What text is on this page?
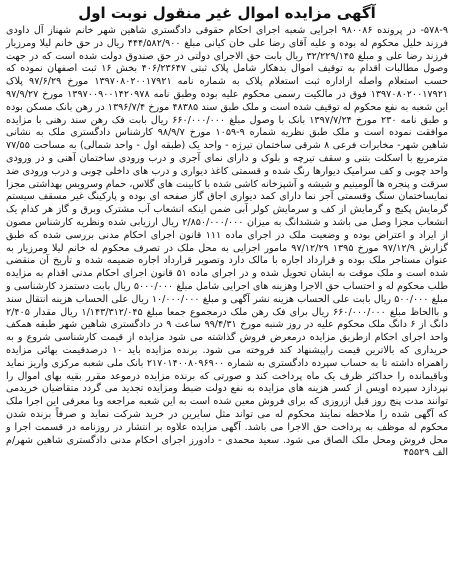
آگهی مزایده اموال غیر منقول نوبت اول

۵۷۸-۹- در پرونده ۹۸۰۰۸۶ اجرایی شعبه اجرای احکام حقوقی دادگستری شاهین شهر خانم شهناز آل داودی فرزند خلیل محکوم له بوده و علیه آقای رضا علی خان کیانی مبلغ ۴۴۴/۵۸۲/۹۰۰ ریال در حق خانم لیلا ومرزیار فرزند رضا علی و مبلغ ۳۲/۲۲۹/۱۴۵ ریال بابت حق الاجرای دولتی در حق صندوق دولت شده است که در جهت وصول مطالبات اقدام به توقیف اموال بدهکار شامل پلاک ثبتی ۴۰۶/۲۳۶۴۷ بخش ۱۶ ثبت اصفهان نموده که حسب استعلام واصله ازاداره ثبت استعلام پلاک به شماره نامه ۱۳۹۷۰۸۰۲۰۰۱۷۹۲۱ مورخ ۹۷/۶/۲۹ پلاک ۱۳۹۷۰۸۰۲۰۰۱۷۹۲۱ فوق در مالکیت رسمی محکوم علیه بوده وطبق نامه ۱۳۹۷۰۰۹۰۰۱۴۲۰۹۷۸ مورخ ۹۷/۹/۲۷ این شعبه به نفع محکوم له توقیف شده است و ملک طبق سند ۴۸۳۸۵ مورخ ۱۳۹۶/۷/۴ در رهن بانک مسکن بوده و طبق نامه ۲۳۰ مورخ ۱۳۹۷/۷/۲۴ بانک با وصول مبلغ ۶۶۰/۰۰۰/۰۰۰ ریال بابت فک رهن سند رهنی با مزایده موافقت نموده است و ملک طبق نظریه شماره ۹-۱۰۵۹ مورخ ۹۸/۹/۷ کارشناس دادگستری ملک به نشانی شاهین شهر- مخابرات فرعی ۸ شرقی ساختمان تیرژه - واحد یک (طبقه اول - واحد شمالی) به مساحت ۷۷/۵۵ مترمربع با اسکلت بتنی و سقف تیرچه و بلوک و دارای نمای آجری و درب ورودی ساختمان آهنی و در ورودی واحد چوبی و کف سرامیک دیوارها رنگ شده و قسمتی کاغذ دیواری و درب های داخلی چوبی و درب ورودی ضد سرقت و پنجره ها آلومینیم و شیشه و آشپزخانه کاشی شده با کابینت های گلاس، حمام وسرویس بهداشتی مجزا نمایساختمان سنگ وقسمتی آجر نما دارای کمد دیواری اجاق گاز صفحه ای بوده و پارکینگ غیر مسقف سیستم گرمایش پکیج و گرمایش از کف و سرمایش کولر آبی ضمن اینکه انشعاب آب مشترک وبرق و گاز هر کدام یک انشعاب مجزا وصل می باشد و ششدانگ به میزان ۲/۸۵۰/۰۰۰/۰۰۰ ریال ارزیابی شده ونظریه کارشناس مصون از ایراد و اعتراض بوده و وضعیت ملک در اجرای ماده ۱۱۱ قانون اجرای احکام مدنی بررسی شده که طبق گزارش ۹۷/۱۲/۹ مورخ ۱۳۹۵ ۹۷/۱۲/۲۹ مامور اجرایی به محل ملک در تصرف محکوم له خانم لیلا ومرزیار به عنوان مستاجر ملک بوده و قرارداد اجاره با مالک دارد وتصویر قرارداد اجاره ضمیمه شده و تاریخ آن منقضی شده است و ملک موقت به ایشان تحویل شده و در اجرای ماده ۵۱ قانون اجرای احکام مدنی اقدام به مزایده طلب محکوم له و احتساب حق الاجرا وهزینه های اجرایی شامل مبلغ ۵۰۰۰/۰۰۰ ریال بابت دستمزد کارشناسی و مبلغ ۵۰۰/۰۰۰ ریال بابت علی الحساب هزینه نشر آگهی و مبلغ ۱۰/۰۰۰/۰۰۰ ریال علی الحساب هزینه انتقال سند و باالحاظ مبلغ ۶۶۰/۰۰۰/۰۰۰ ریال برای فک رهن ملک درمجموع جمعا مبلغ ۱/۱۴۳/۳۱۲/۰۴۵ ریال مقدار ۲/۴۰۵ دانگ از ۶ دانگ ملک محکوم علیه در روز شنبه مورخ ۹۹/۴/۳۱ ساعت ۹ در دادگستری شاهین شهر طبقه همکف واحد اجرای احکام ازطریق مزایده درمعرض فروش گذاشته می شود مزایده از قیمت کارشناسی شروع و به خریداری که بالاترین قیمت راپیشنهاد کند فروخته می شود. برنده مزایده باید ۱۰ درصدقیمت بهائی مزایده راهمراه داشته تا به حساب سپرده دادگستری به شماره ۲۱۷۰۱۴۰۰۸۰۹۶۹۰۰ بانک ملی شعبه مرکزی واریز نماید وباقیمانده را حداکثر ظرف یک ماه پرداخت کند و صورتی که برنده مزایده درموعد مقرر بقیه بهای اموال را نپردازد سپرده اویس از کسر هزینه های مزایده به نفع دولت ضبط ومزایده تجدید می گردد متقاضیان خریدمی توانند مدت پنج روز قبل ازروزی که برای فروش معین شده است به این شعبه مراجعه وبا معرفی این اجرا ملک که آگهی شده را ملاحظه نمایند محکوم له می تواند مثل سایرین در خرید شرکت نماید و صرفاً برنده شدن محکوم له موظف به پرداخت حق الاجرا می باشد. آگهی مزایده علاوه بر انتشار در روزنامه در قسمت اجرا و محل فروش ومحل ملک الصاق می شود. سعید محمدی - دادورز اجرای احکام مدنی دادگستری شاهین شهر/م الف ۴۵۵۲۹
